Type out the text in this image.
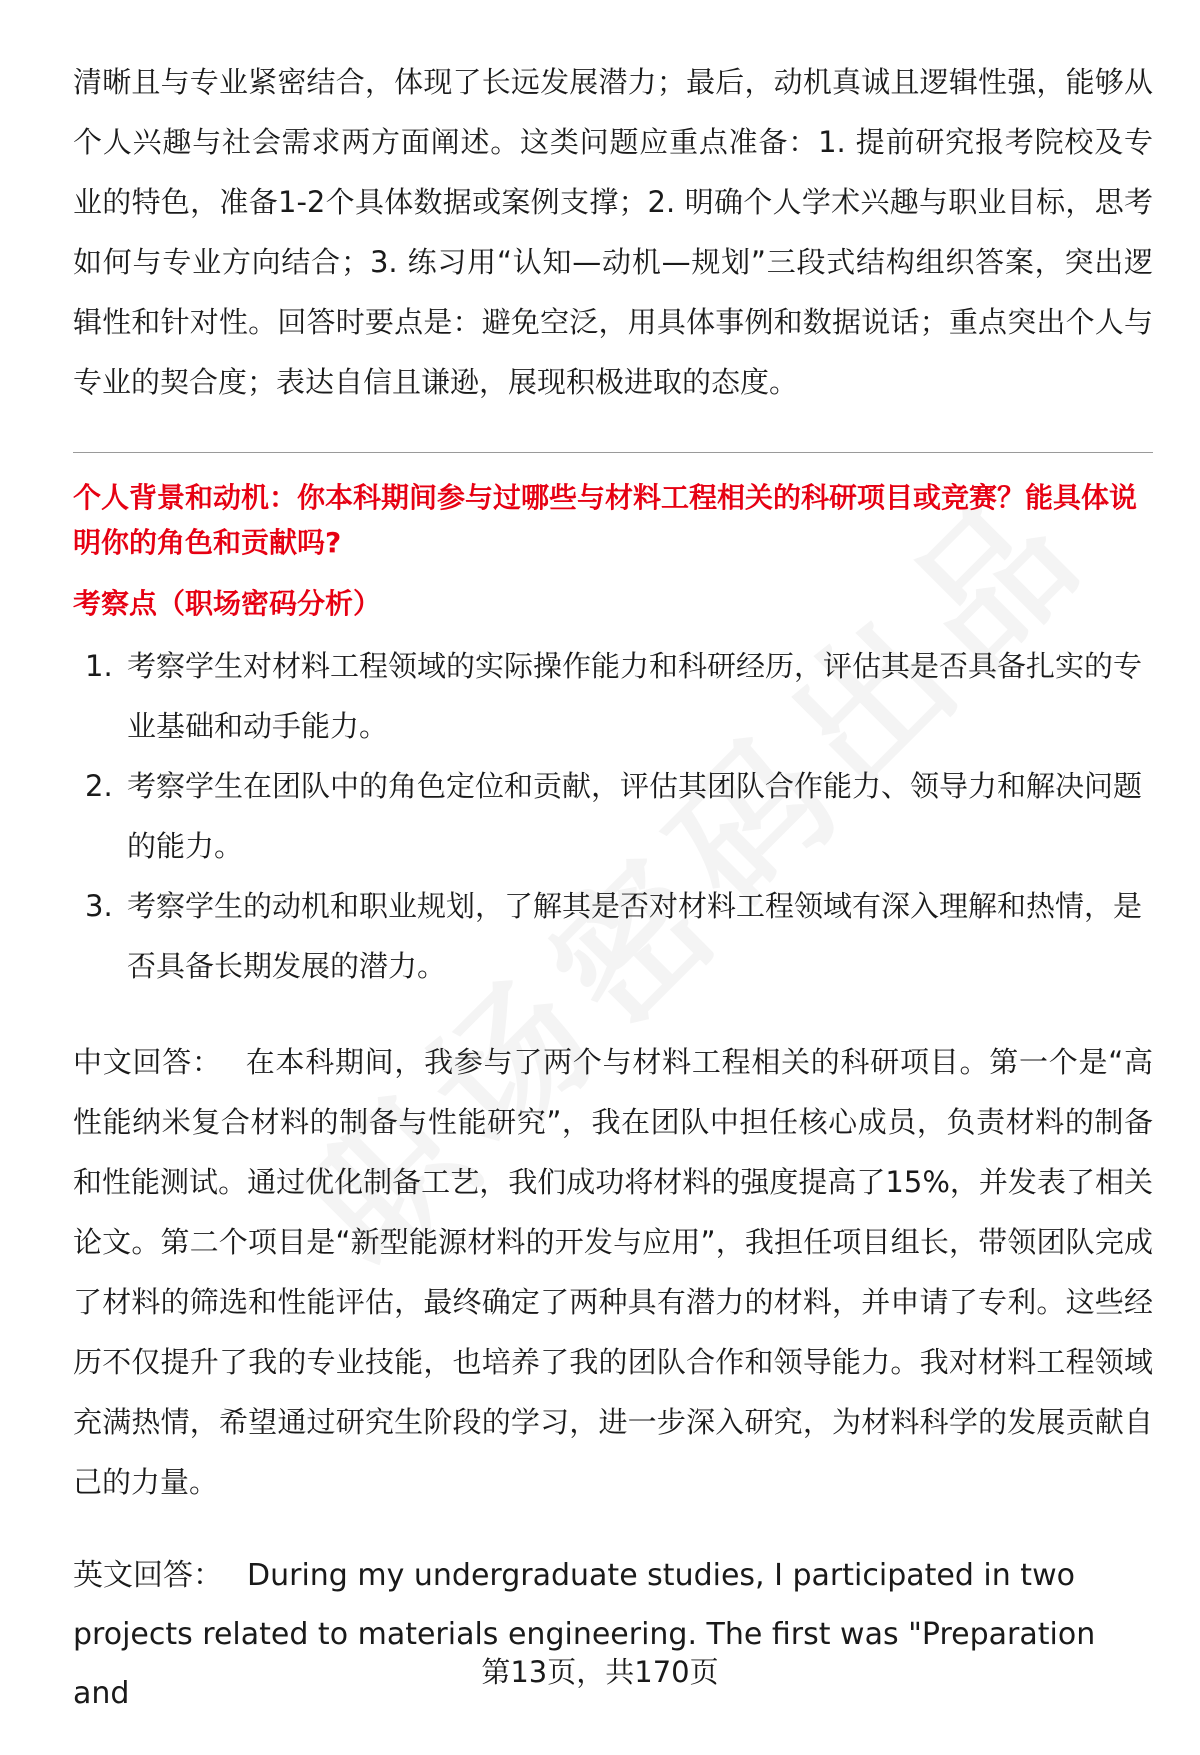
清晰且与专业紧密结合，体现了长远发展潜力；最后，动机真诚且逻辑性强，能够从个人兴趣与社会需求两方面阐述。这类问题应重点准备：1. 提前研究报考院校及专业的特色，准备1-2个具体数据或案例支撑；2. 明确个人学术兴趣与职业目标，思考如何与专业方向结合；3. 练习用“认知—动机—规划”三段式结构组织答案，突出逻辑性和针对性。回答时要点是：避免空泛，用具体事例和数据说话；重点突出个人与专业的契合度；表达自信且谦逊，展现积极进取的态度。

个人背景和动机：你本科期间参与过哪些与材料工程相关的科研项目或竞赛？能具体说明你的角色和贡献吗?

考察点（职场密码分析）

1. 考察学生对材料工程领域的实际操作能力和科研经历，评估其是否具备扎实的专业基础和动手能力。
2. 考察学生在团队中的角色定位和贡献，评估其团队合作能力、领导力和解决问题的能力。
3. 考察学生的动机和职业规划，了解其是否对材料工程领域有深入理解和热情，是否具备长期发展的潜力。

中文回答： 在本科期间，我参与了两个与材料工程相关的科研项目。第一个是“高性能纳米复合材料的制备与性能研究”，我在团队中担任核心成员，负责材料的制备和性能测试。通过优化制备工艺，我们成功将材料的强度提高了15%，并发表了相关论文。第二个项目是“新型能源材料的开发与应用”，我担任项目组长，带领团队完成了材料的筛选和性能评估，最终确定了两种具有潜力的材料，并申请了专利。这些经历不仅提升了我的专业技能，也培养了我的团队合作和领导能力。我对材料工程领域充满热情，希望通过研究生阶段的学习，进一步深入研究，为材料科学的发展贡献自己的力量。

英文回答： During my undergraduate studies, I participated in two projects related to materials engineering. The first was "Preparation and

第13页，共170页
